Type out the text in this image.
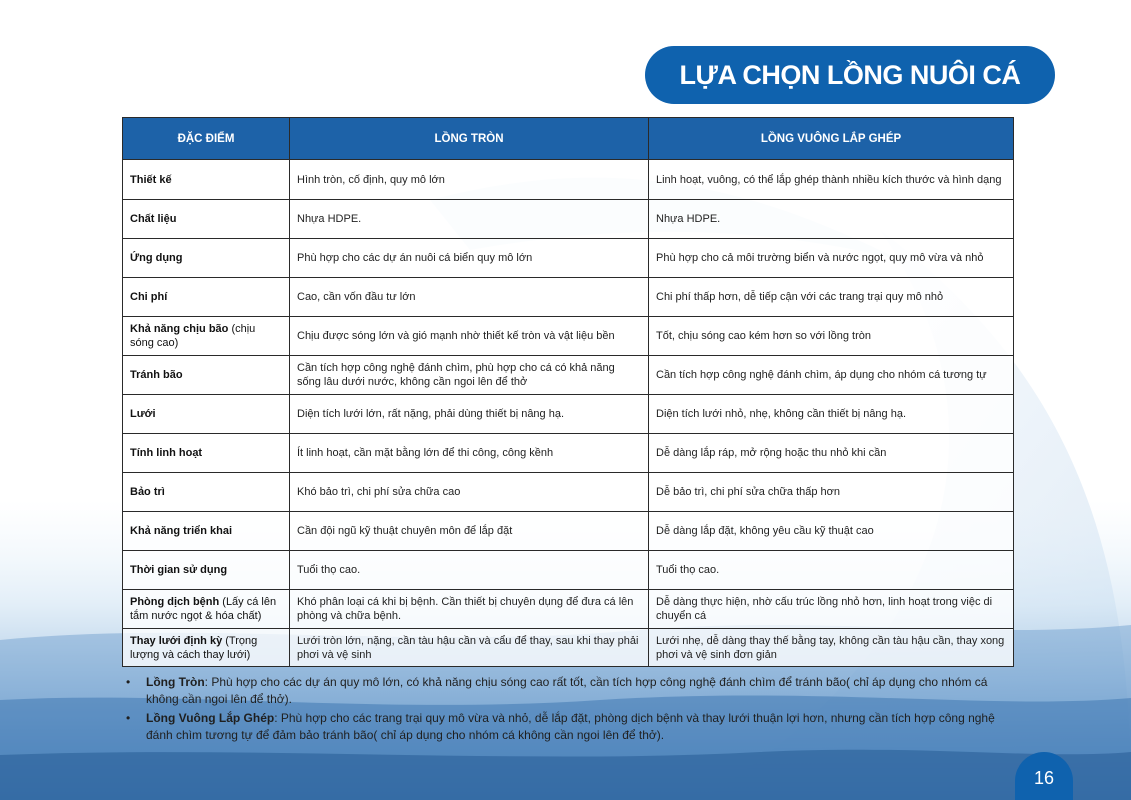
LỰA CHỌN LỒNG NUÔI CÁ
ĐẶC ĐIỂM	LỒNG TRÒN	LỒNG VUÔNG LẮP GHÉP
Thiết kế	Hình tròn, cố định, quy mô lớn	Linh hoạt, vuông, có thể lắp ghép thành nhiều kích thước và hình dạng
Chất liệu	Nhựa HDPE.	Nhựa HDPE.
Ứng dụng	Phù hợp cho các dự án nuôi cá biển quy mô lớn	Phù hợp cho cả môi trường biển và nước ngọt, quy mô vừa và nhỏ
Chi phí	Cao, cần vốn đầu tư lớn	Chi phí thấp hơn, dễ tiếp cận với các trang trại quy mô nhỏ
Khả năng chịu bão (chịu sóng cao)	Chịu được sóng lớn và gió mạnh nhờ thiết kế tròn và vật liệu bền	Tốt, chịu sóng cao kém hơn so với lồng tròn
Tránh bão	Cần tích hợp công nghệ đánh chìm, phù hợp cho cá có khả năng sống lâu dưới nước, không cần ngoi lên để thở	Cần tích hợp công nghệ đánh chìm, áp dụng cho nhóm cá tương tự
Lưới	Diện tích lưới lớn, rất nặng, phải dùng thiết bị nâng hạ.	Diện tích lưới nhỏ, nhẹ, không cần thiết bị nâng hạ.
Tính linh hoạt	Ít linh hoạt, cần mặt bằng lớn để thi công, công kềnh	Dễ dàng lắp ráp, mở rộng hoặc thu nhỏ khi cần
Bảo trì	Khó bảo trì, chi phí sửa chữa cao	Dễ bảo trì, chi phí sửa chữa thấp hơn
Khả năng triển khai	Cần đội ngũ kỹ thuật chuyên môn để lắp đặt	Dễ dàng lắp đặt, không yêu cầu kỹ thuật cao
Thời gian sử dụng	Tuổi thọ cao.	Tuổi thọ cao.
Phòng dịch bệnh (Lấy cá lên tắm nước ngọt & hóa chất)	Khó phân loại cá khi bị bệnh. Cần thiết bị chuyên dụng để đưa cá lên phòng và chữa bệnh.	Dễ dàng thực hiện, nhờ cấu trúc lồng nhỏ hơn, linh hoạt trong việc di chuyển cá
Thay lưới định kỳ (Trọng lượng và cách thay lưới)	Lưới tròn lớn, nặng, cần tàu hậu cần và cẩu để thay, sau khi thay phải phơi và vệ sinh	Lưới nhẹ, dễ dàng thay thế bằng tay, không cần tàu hậu cần, thay xong phơi và vệ sinh đơn giản
• Lồng Tròn: Phù hợp cho các dự án quy mô lớn, có khả năng chịu sóng cao rất tốt, cần tích hợp công nghệ đánh chìm để tránh bão( chỉ áp dụng cho nhóm cá không cần ngoi lên để thở).
• Lồng Vuông Lắp Ghép: Phù hợp cho các trang trại quy mô vừa và nhỏ, dễ lắp đặt, phòng dịch bệnh và thay lưới thuận lợi hơn, nhưng cần tích hợp công nghệ đánh chìm tương tự để đảm bảo tránh bão( chỉ áp dụng cho nhóm cá không cần ngoi lên để thở).
16
